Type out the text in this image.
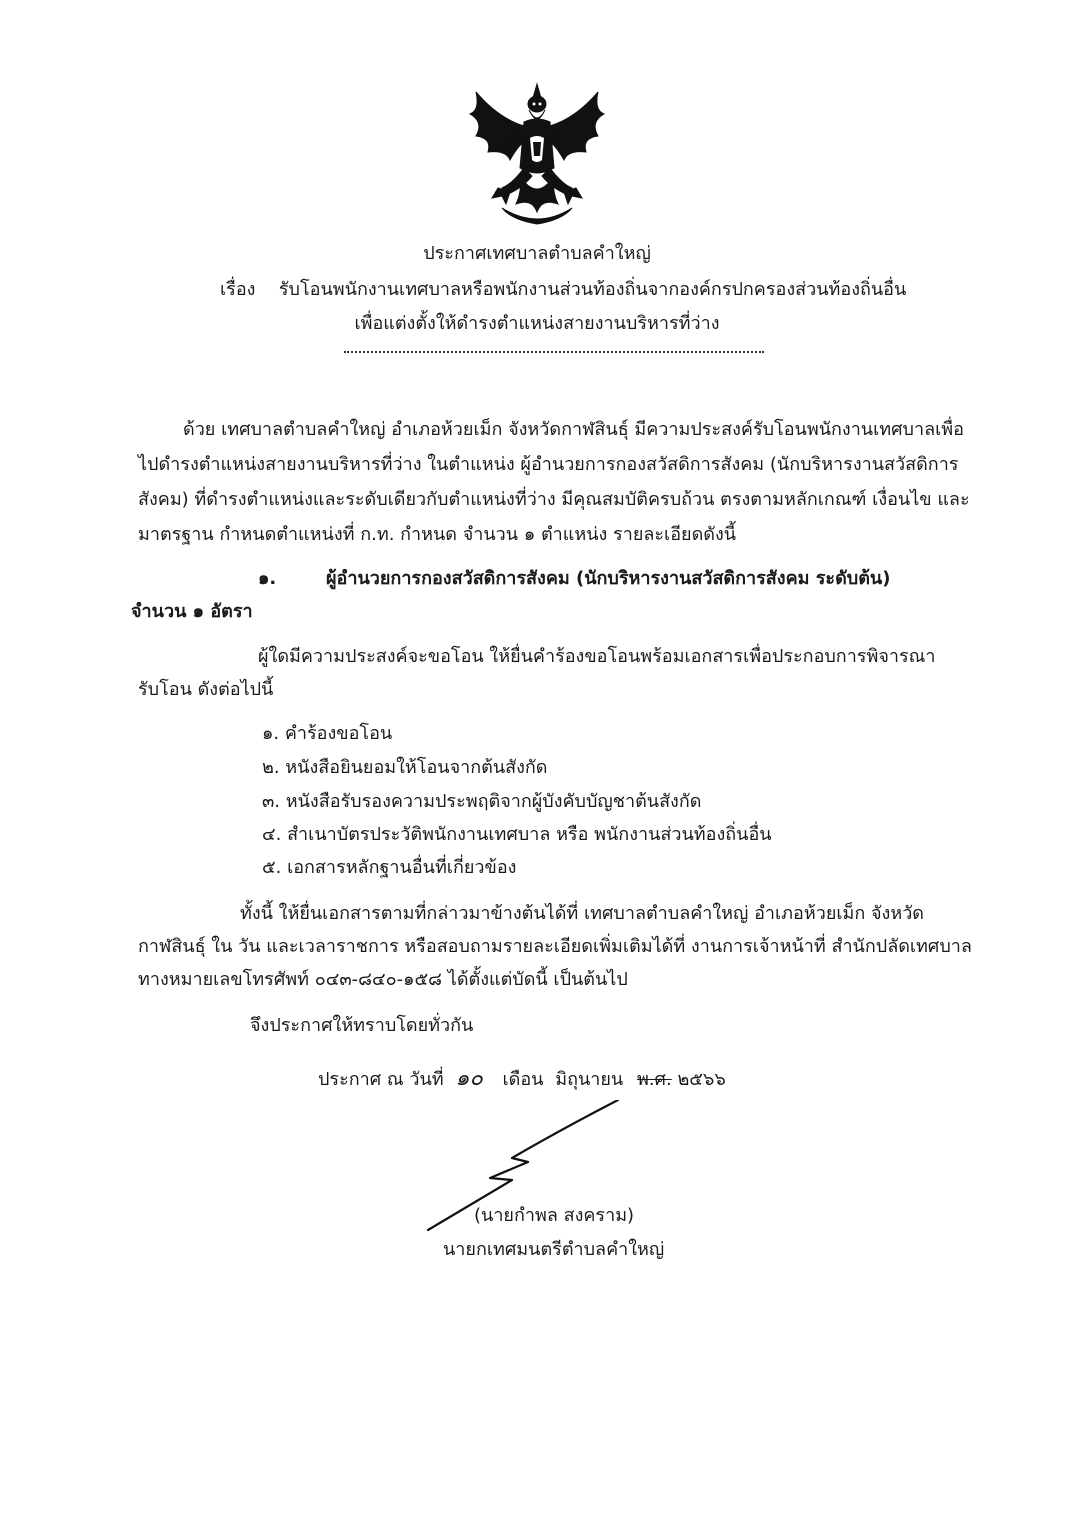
ประกาศเทศบาลตำบลคำใหญ่
เรื่อง รับโอนพนักงานเทศบาลหรือพนักงานส่วนท้องถิ่นจากองค์กรปกครองส่วนท้องถิ่นอื่น
เพื่อแต่งตั้งให้ดำรงตำแหน่งสายงานบริหารที่ว่าง
ด้วย เทศบาลตำบลคำใหญ่ อำเภอห้วยเม็ก จังหวัดกาฬสินธุ์ มีความประสงค์รับโอนพนักงานเทศบาลเพื่อ
ไปดำรงตำแหน่งสายงานบริหารที่ว่าง ในตำแหน่ง ผู้อำนวยการกองสวัสดิการสังคม (นักบริหารงานสวัสดิการ
สังคม) ที่ดำรงตำแหน่งและระดับเดียวกับตำแหน่งที่ว่าง มีคุณสมบัติครบถ้วน ตรงตามหลักเกณฑ์ เงื่อนไข และ
มาตรฐาน กำหนดตำแหน่งที่ ก.ท. กำหนด จำนวน ๑ ตำแหน่ง รายละเอียดดังนี้
๑.	ผู้อำนวยการกองสวัสดิการสังคม (นักบริหารงานสวัสดิการสังคม ระดับต้น)
จำนวน ๑ อัตรา
ผู้ใดมีความประสงค์จะขอโอน ให้ยื่นคำร้องขอโอนพร้อมเอกสารเพื่อประกอบการพิจารณา
รับโอน ดังต่อไปนี้
๑. คำร้องขอโอน
๒. หนังสือยินยอมให้โอนจากต้นสังกัด
๓. หนังสือรับรองความประพฤติจากผู้บังคับบัญชาต้นสังกัด
๔. สำเนาบัตรประวัติพนักงานเทศบาล หรือ พนักงานส่วนท้องถิ่นอื่น
๕. เอกสารหลักฐานอื่นที่เกี่ยวข้อง
ทั้งนี้ ให้ยื่นเอกสารตามที่กล่าวมาข้างต้นได้ที่ เทศบาลตำบลคำใหญ่ อำเภอห้วยเม็ก จังหวัด
กาฬสินธุ์ ใน วัน และเวลาราชการ หรือสอบถามรายละเอียดเพิ่มเติมได้ที่ งานการเจ้าหน้าที่ สำนักปลัดเทศบาล
ทางหมายเลขโทรศัพท์ ๐๔๓-๘๔๐-๑๕๘ ได้ตั้งแต่บัดนี้ เป็นต้นไป
จึงประกาศให้ทราบโดยทั่วกัน
ประกาศ ณ วันที่ ๑๐ เดือน มิถุนายน พ.ศ. ๒๕๖๖
(นายกำพล สงคราม)
นายกเทศมนตรีตำบลคำใหญ่
